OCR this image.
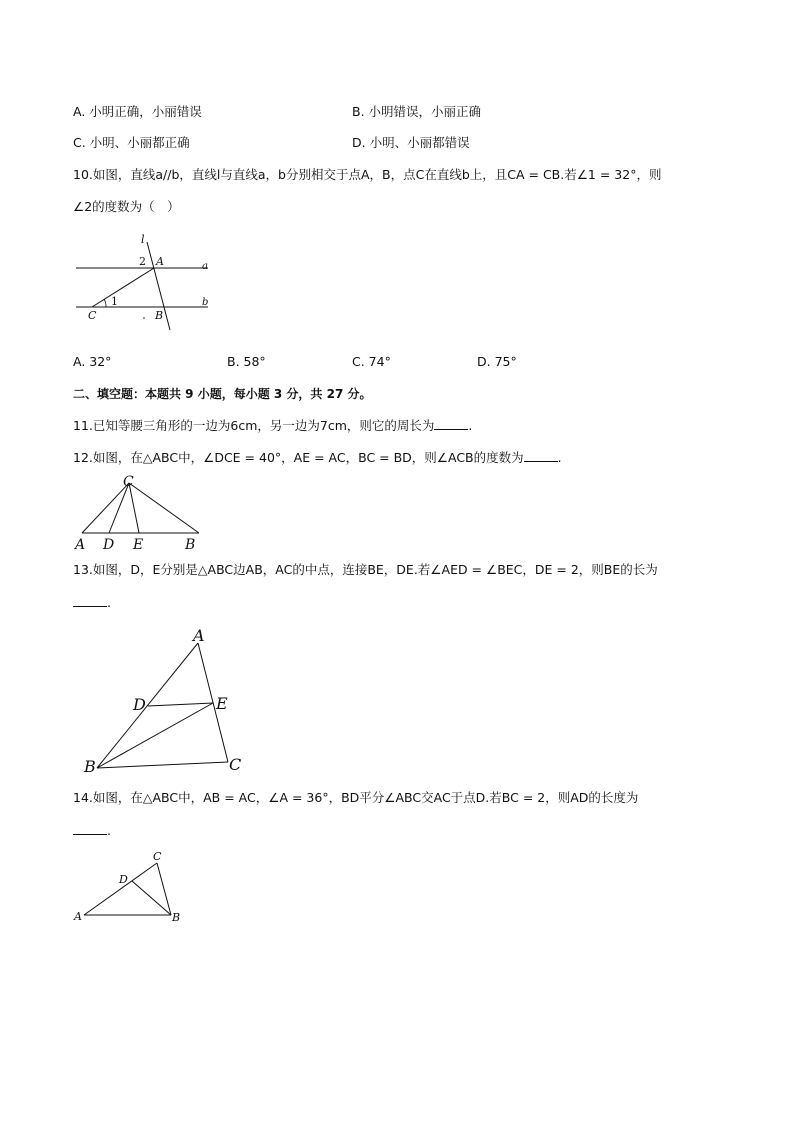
A. 小明正确，小丽错误	B. 小明错误，小丽正确
C. 小明、小丽都正确	D. 小明、小丽都错误
10.如图，直线a//b，直线l与直线a，b分别相交于点A，B，点C在直线b上，且CA = CB.若∠1 = 32°，则
∠2的度数为（　）
l
2 A	a
1	b
C	B
A. 32°	B. 58°	C. 74°	D. 75°
二、填空题：本题共 9 小题，每小题 3 分，共 27 分。
11.已知等腰三角形的一边为6cm，另一边为7cm，则它的周长为	.
12.如图，在△ABC中，∠DCE = 40°，AE = AC，BC = BD，则∠ACB的度数为	.
C
A D E	B
13.如图，D，E分别是△ABC边AB，AC的中点，连接BE，DE.若∠AED = ∠BEC，DE = 2，则BE的长为
.
A
D	E
B	C
14.如图，在△ABC中，AB = AC，∠A = 36°，BD平分∠ABC交AC于点D.若BC = 2，则AD的长度为
.
C
D
A	B
